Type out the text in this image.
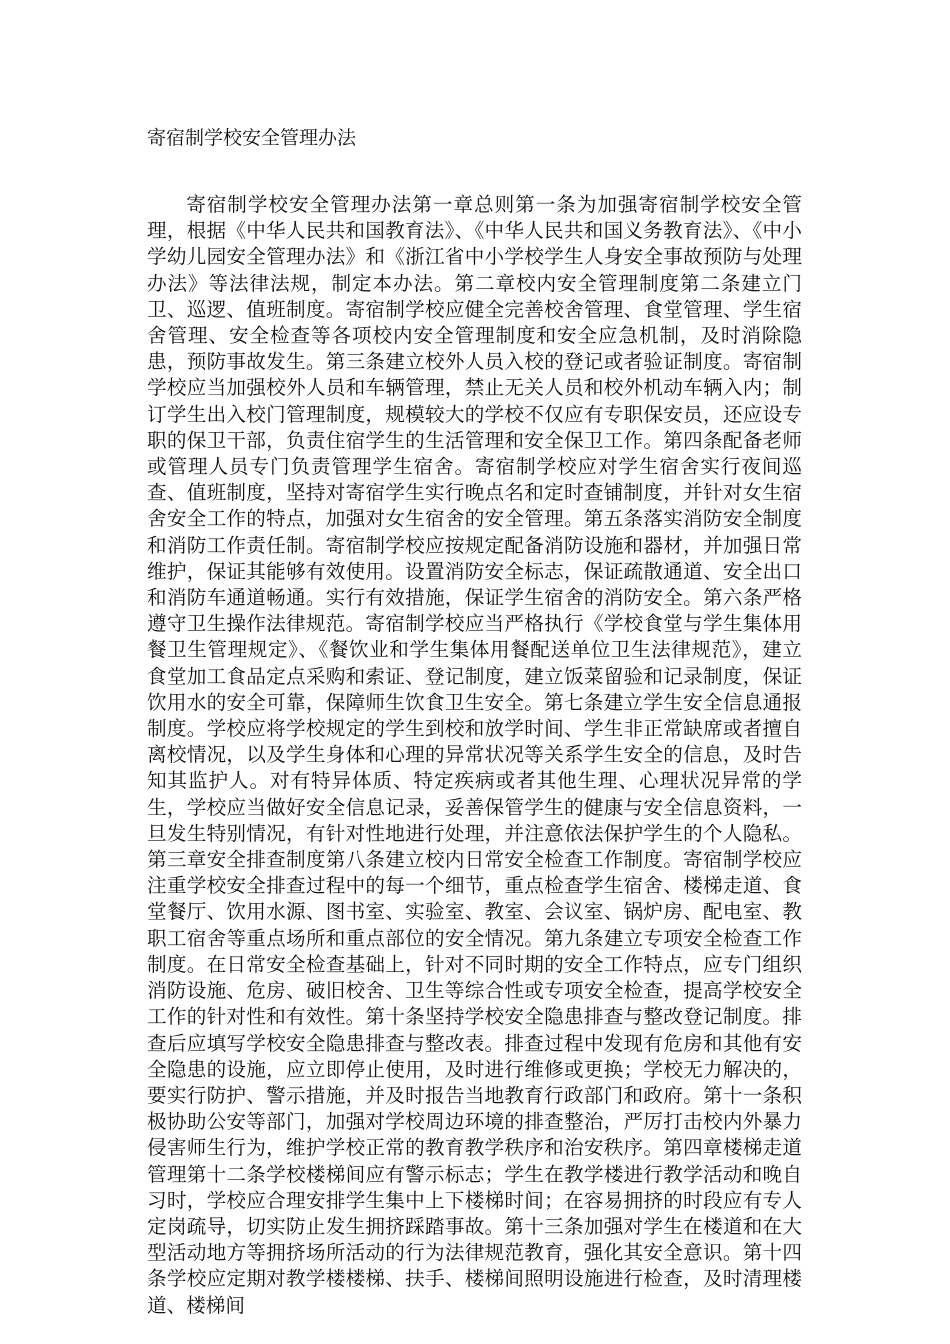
寄宿制学校安全管理办法

寄宿制学校安全管理办法第一章总则第一条为加强寄宿制学校安全管理，根据《中华人民共和国教育法》、《中华人民共和国义务教育法》、《中小学幼儿园安全管理办法》和《浙江省中小学校学生人身安全事故预防与处理办法》等法律法规，制定本办法。第二章校内安全管理制度第二条建立门卫、巡逻、值班制度。寄宿制学校应健全完善校舍管理、食堂管理、学生宿舍管理、安全检查等各项校内安全管理制度和安全应急机制，及时消除隐患，预防事故发生。第三条建立校外人员入校的登记或者验证制度。寄宿制学校应当加强校外人员和车辆管理，禁止无关人员和校外机动车辆入内；制订学生出入校门管理制度，规模较大的学校不仅应有专职保安员，还应设专职的保卫干部，负责住宿学生的生活管理和安全保卫工作。第四条配备老师或管理人员专门负责管理学生宿舍。寄宿制学校应对学生宿舍实行夜间巡查、值班制度，坚持对寄宿学生实行晚点名和定时查铺制度，并针对女生宿舍安全工作的特点，加强对女生宿舍的安全管理。第五条落实消防安全制度和消防工作责任制。寄宿制学校应按规定配备消防设施和器材，并加强日常维护，保证其能够有效使用。设置消防安全标志，保证疏散通道、安全出口和消防车通道畅通。实行有效措施，保证学生宿舍的消防安全。第六条严格遵守卫生操作法律规范。寄宿制学校应当严格执行《学校食堂与学生集体用餐卫生管理规定》、《餐饮业和学生集体用餐配送单位卫生法律规范》，建立食堂加工食品定点采购和索证、登记制度，建立饭菜留验和记录制度，保证饮用水的安全可靠，保障师生饮食卫生安全。第七条建立学生安全信息通报制度。学校应将学校规定的学生到校和放学时间、学生非正常缺席或者擅自离校情况，以及学生身体和心理的异常状况等关系学生安全的信息，及时告知其监护人。对有特异体质、特定疾病或者其他生理、心理状况异常的学生，学校应当做好安全信息记录，妥善保管学生的健康与安全信息资料，一旦发生特别情况，有针对性地进行处理，并注意依法保护学生的个人隐私。第三章安全排查制度第八条建立校内日常安全检查工作制度。寄宿制学校应注重学校安全排查过程中的每一个细节，重点检查学生宿舍、楼梯走道、食堂餐厅、饮用水源、图书室、实验室、教室、会议室、锅炉房、配电室、教职工宿舍等重点场所和重点部位的安全情况。第九条建立专项安全检查工作制度。在日常安全检查基础上，针对不同时期的安全工作特点，应专门组织消防设施、危房、破旧校舍、卫生等综合性或专项安全检查，提高学校安全工作的针对性和有效性。第十条坚持学校安全隐患排查与整改登记制度。排查后应填写学校安全隐患排查与整改表。排查过程中发现有危房和其他有安全隐患的设施，应立即停止使用，及时进行维修或更换；学校无力解决的，要实行防护、警示措施，并及时报告当地教育行政部门和政府。第十一条积极协助公安等部门，加强对学校周边环境的排查整治，严厉打击校内外暴力侵害师生行为，维护学校正常的教育教学秩序和治安秩序。第四章楼梯走道管理第十二条学校楼梯间应有警示标志；学生在教学楼进行教学活动和晚自习时，学校应合理安排学生集中上下楼梯时间；在容易拥挤的时段应有专人定岗疏导，切实防止发生拥挤踩踏事故。第十三条加强对学生在楼道和在大型活动地方等拥挤场所活动的行为法律规范教育，强化其安全意识。第十四条学校应定期对教学楼楼梯、扶手、楼梯间照明设施进行检查，及时清理楼道、楼梯间
